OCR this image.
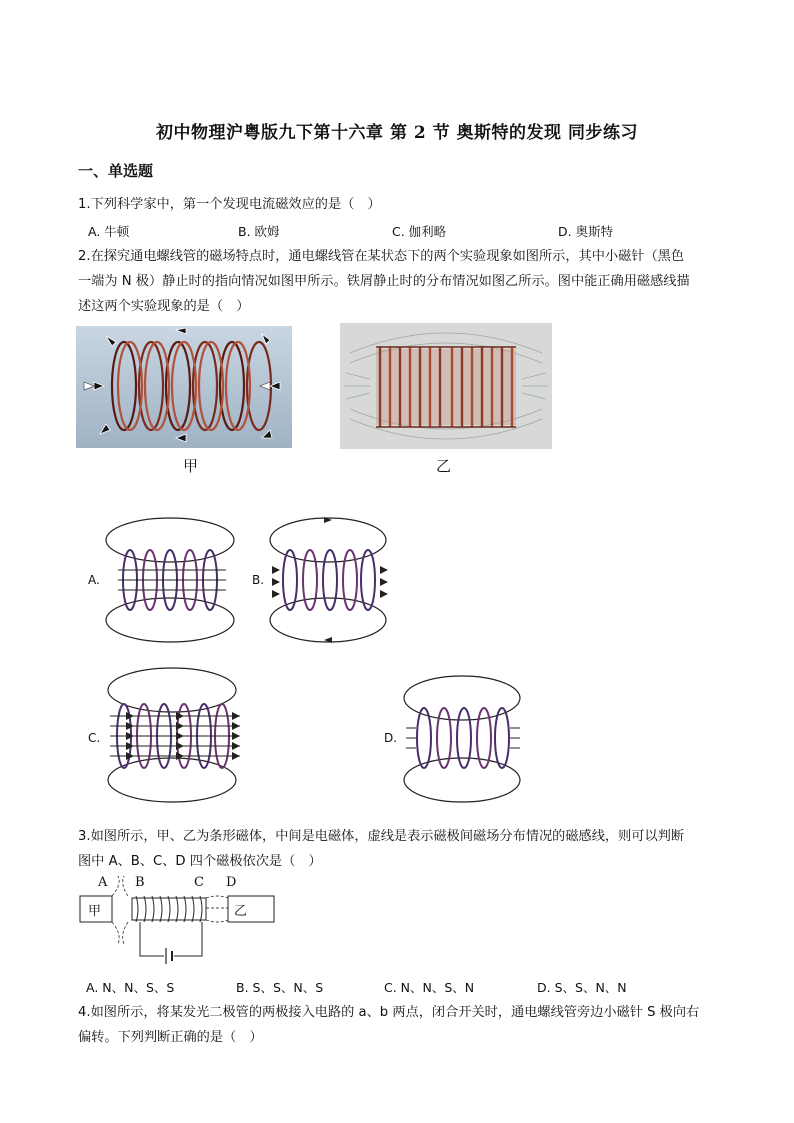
初中物理沪粤版九下第十六章 第 2 节 奥斯特的发现 同步练习
一、单选题
1.下列科学家中，第一个发现电流磁效应的是（　）
A. 牛顿	B. 欧姆	C. 伽利略	D. 奥斯特
2.在探究通电螺线管的磁场特点时，通电螺线管在某状态下的两个实验现象如图所示，其中小磁针（黑色
一端为 N 极）静止时的指向情况如图甲所示。铁屑静止时的分布情况如图乙所示。图中能正确用磁感线描
述这两个实验现象的是（　）
甲	乙
A.	B.
C.	D.
3.如图所示，甲、乙为条形磁体，中间是电磁体，虚线是表示磁极间磁场分布情况的磁感线，则可以判断
图中 A、B、C、D 四个磁极依次是（　）
A B	C D
甲	乙
A. N、N、S、S	B. S、S、N、S	C. N、N、S、N	D. S、S、N、N
4.如图所示，将某发光二极管的两极接入电路的 a、b 两点，闭合开关时，通电螺线管旁边小磁针 S 极向右
偏转。下列判断正确的是（　）
